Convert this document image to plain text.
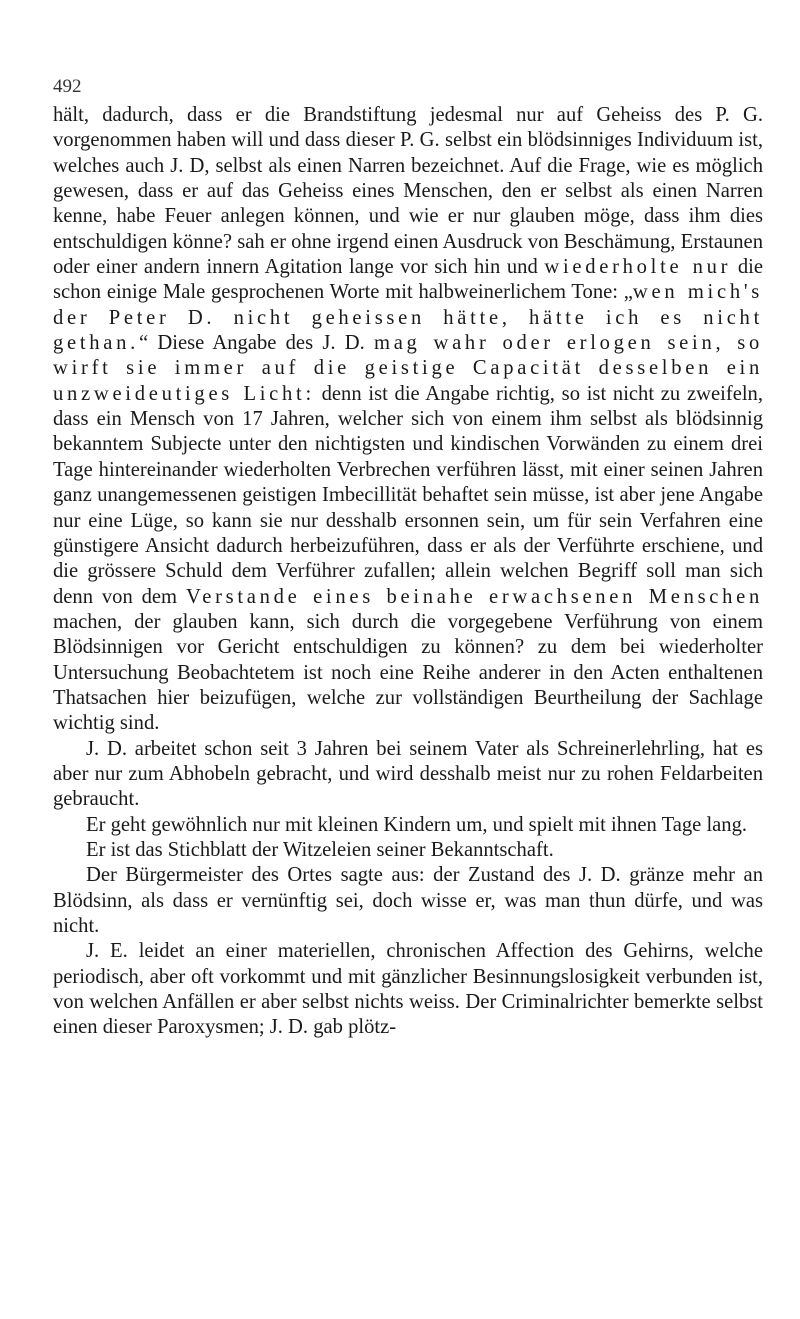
492

hält, dadurch, dass er die Brandstiftung jedesmal nur auf Geheiss des P. G. vorgenommen haben will und dass dieser P. G. selbst ein blödsinniges Individuum ist, welches auch J. D, selbst als einen Narren bezeichnet. Auf die Frage, wie es möglich gewesen, dass er auf das Geheiss eines Menschen, den er selbst als einen Narren kenne, habe Feuer anlegen können, und wie er nur glauben möge, dass ihm dies entschuldigen könne? sah er ohne irgend einen Ausdruck von Beschämung, Erstaunen oder einer andern innern Agitation lange vor sich hin und wiederholte nur die schon einige Male gesprochenen Worte mit halbweinerlichem Tone: „wen mich's der Peter D. nicht geheissen hätte, hätte ich es nicht gethan.“ Diese Angabe des J. D. mag wahr oder erlogen sein, so wirft sie immer auf die geistige Capacität desselben ein unzweideutiges Licht: denn ist die Angabe richtig, so ist nicht zu zweifeln, dass ein Mensch von 17 Jahren, welcher sich von einem ihm selbst als blödsinnig bekanntem Subjecte unter den nichtigsten und kindischen Vorwänden zu einem drei Tage hintereinander wiederholten Verbrechen verführen lässt, mit einer seinen Jahren ganz unangemessenen geistigen Imbecillität behaftet sein müsse, ist aber jene Angabe nur eine Lüge, so kann sie nur desshalb ersonnen sein, um für sein Verfahren eine günstigere Ansicht dadurch herbeizuführen, dass er als der Verführte erschiene, und die grössere Schuld dem Verführer zufallen; allein welchen Begriff soll man sich denn von dem Verstande eines beinahe erwachsenen Menschen machen, der glauben kann, sich durch die vorgegebene Verführung von einem Blödsinnigen vor Gericht entschuldigen zu können? zu dem bei wiederholter Untersuchung Beobachtetem ist noch eine Reihe anderer in den Acten enthaltenen Thatsachen hier beizufügen, welche zur vollständigen Beurtheilung der Sachlage wichtig sind.

J. D. arbeitet schon seit 3 Jahren bei seinem Vater als Schreinerlehrling, hat es aber nur zum Abhobeln gebracht, und wird desshalb meist nur zu rohen Feldarbeiten gebraucht.

Er geht gewöhnlich nur mit kleinen Kindern um, und spielt mit ihnen Tage lang.

Er ist das Stichblatt der Witzeleien seiner Bekanntschaft.

Der Bürgermeister des Ortes sagte aus: der Zustand des J. D. gränze mehr an Blödsinn, als dass er vernünftig sei, doch wisse er, was man thun dürfe, und was nicht.

J. E. leidet an einer materiellen, chronischen Affection des Gehirns, welche periodisch, aber oft vorkommt und mit gänzlicher Besinnungslosigkeit verbunden ist, von welchen Anfällen er aber selbst nichts weiss. Der Criminalrichter bemerkte selbst einen dieser Paroxysmen; J. D. gab plötz-
